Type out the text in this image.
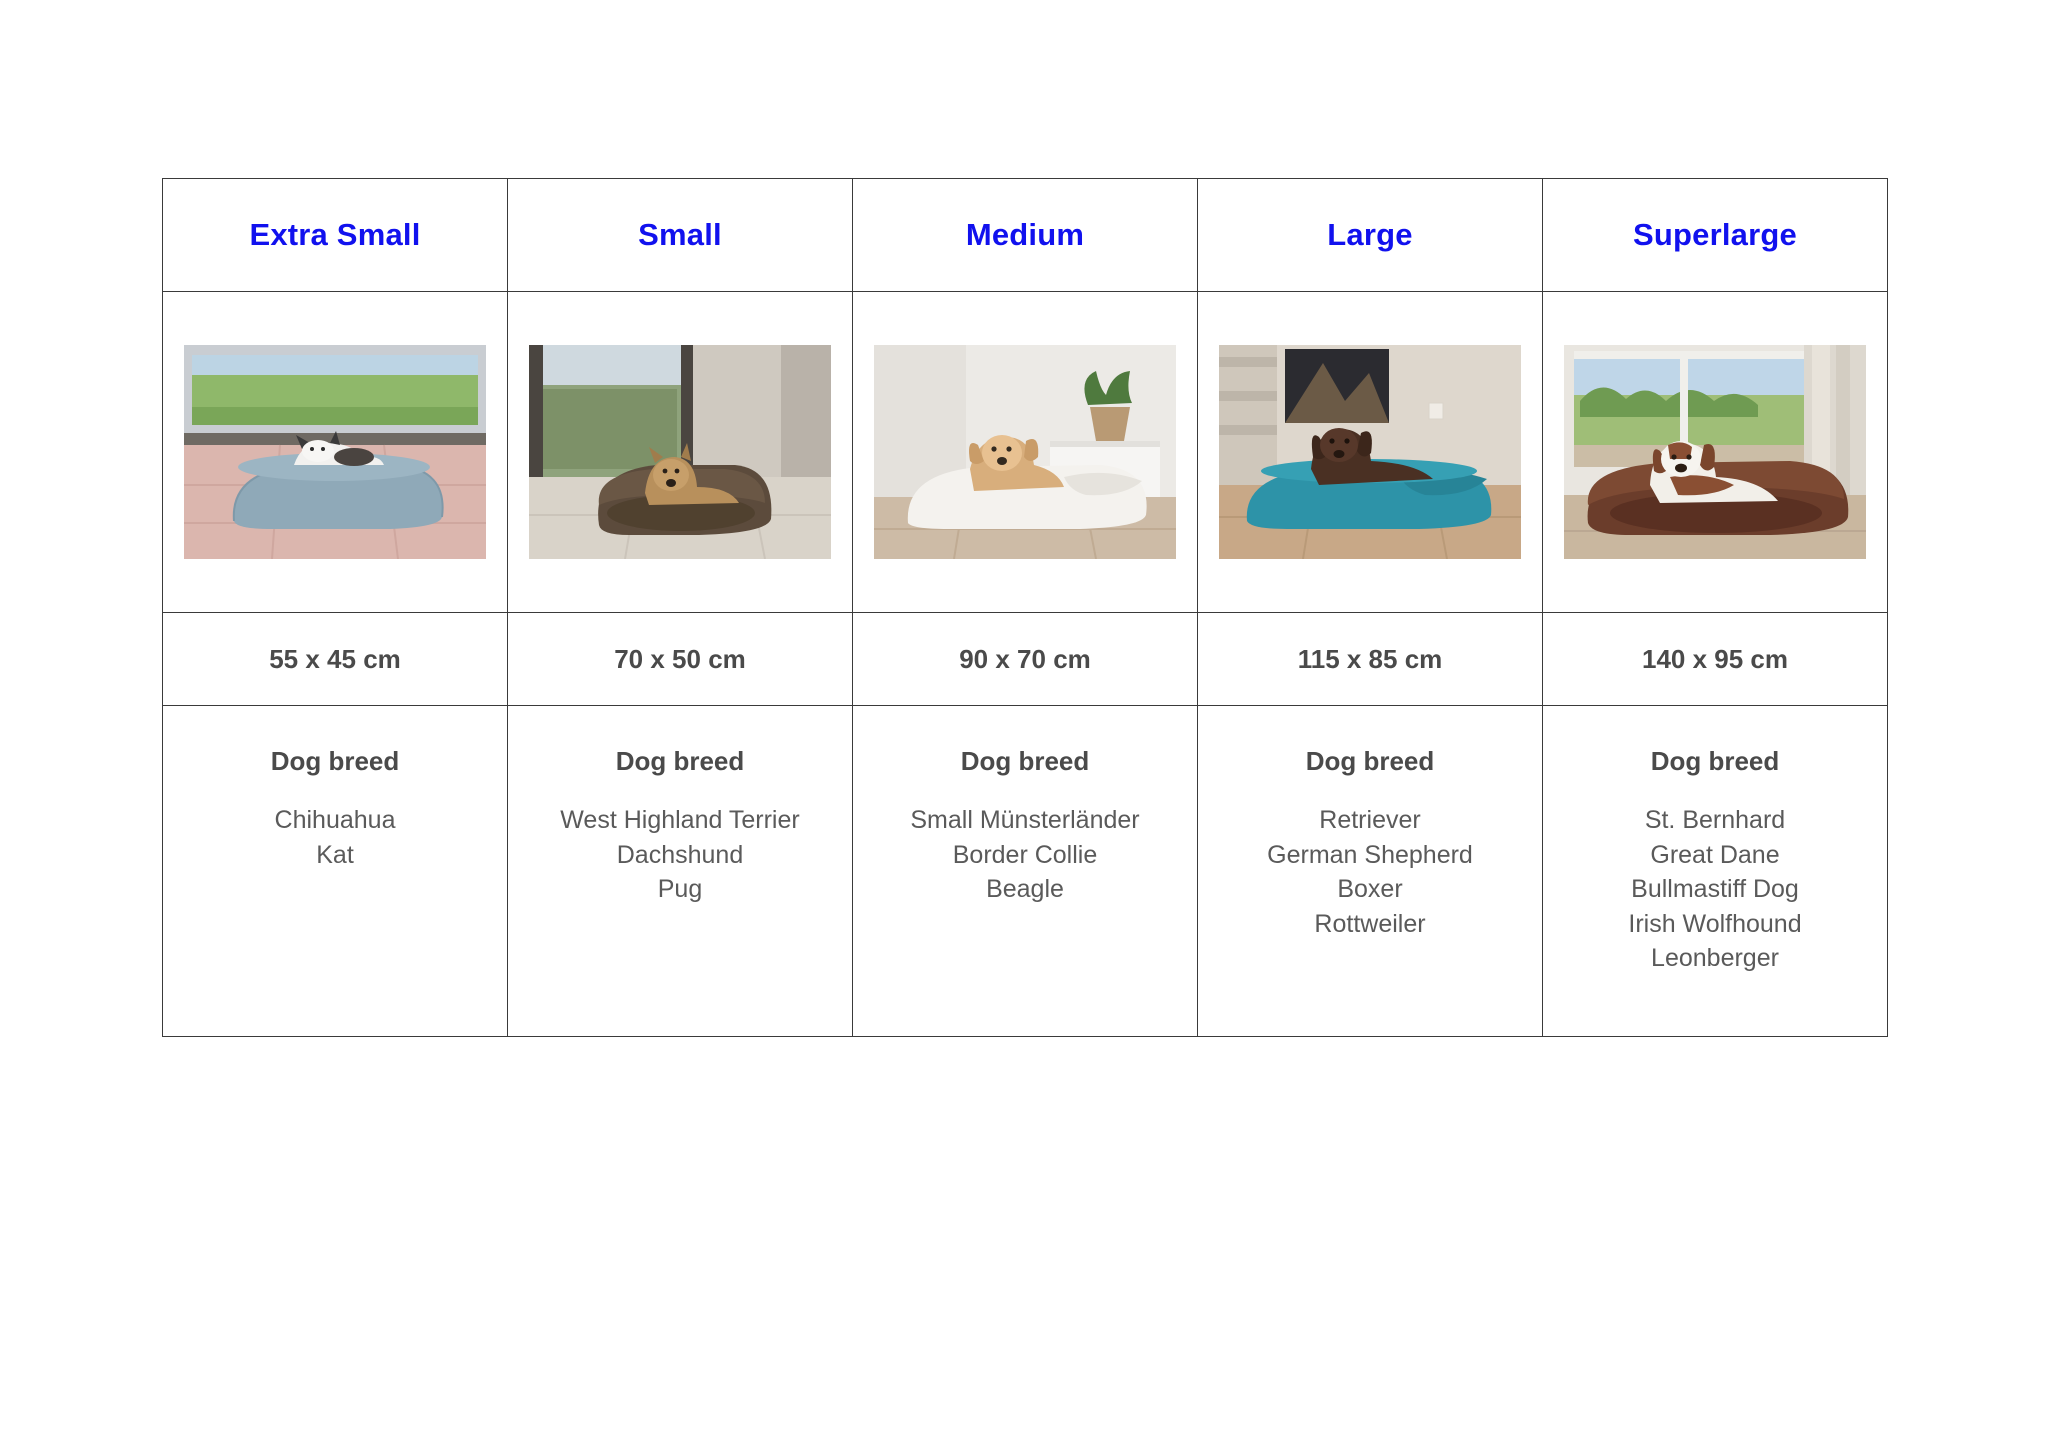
Extra Small	Small	Medium	Large	Superlarge

55 x 45 cm	70 x 50 cm	90 x 70 cm	115 x 85 cm	140 x 95 cm

Dog breed
Chihuahua
Kat

Dog breed
West Highland Terrier
Dachshund
Pug

Dog breed
Small Münsterländer
Border Collie
Beagle

Dog breed
Retriever
German Shepherd
Boxer
Rottweiler

Dog breed
St. Bernhard
Great Dane
Bullmastiff Dog
Irish Wolfhound
Leonberger
